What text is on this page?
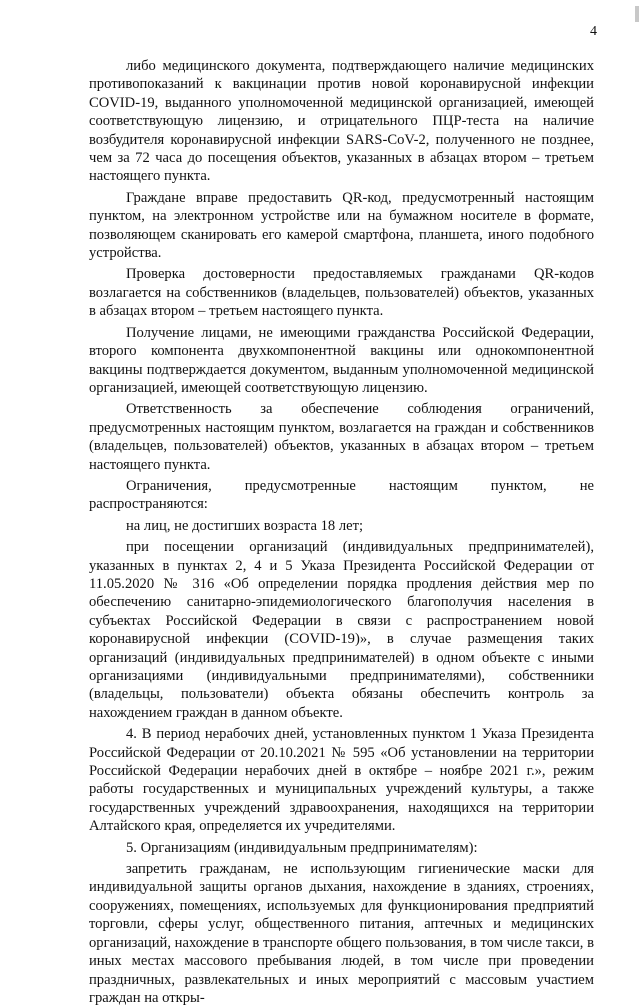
4

либо медицинского документа, подтверждающего наличие медицинских противопоказаний к вакцинации против новой коронавирусной инфекции COVID-19, выданного уполномоченной медицинской организацией, имеющей соответствующую лицензию, и отрицательного ПЦР-теста на наличие возбудителя коронавирусной инфекции SARS-CoV-2, полученного не позднее, чем за 72 часа до посещения объектов, указанных в абзацах втором – третьем настоящего пункта.

Граждане вправе предоставить QR-код, предусмотренный настоящим пунктом, на электронном устройстве или на бумажном носителе в формате, позволяющем сканировать его камерой смартфона, планшета, иного подобного устройства.

Проверка достоверности предоставляемых гражданами QR-кодов возлагается на собственников (владельцев, пользователей) объектов, указанных в абзацах втором – третьем настоящего пункта.

Получение лицами, не имеющими гражданства Российской Федерации, второго компонента двухкомпонентной вакцины или однокомпонентной вакцины подтверждается документом, выданным уполномоченной медицинской организацией, имеющей соответствующую лицензию.

Ответственность за обеспечение соблюдения ограничений, предусмотренных настоящим пунктом, возлагается на граждан и собственников (владельцев, пользователей) объектов, указанных в абзацах втором – третьем настоящего пункта.

Ограничения, предусмотренные настоящим пунктом, не распространяются:

на лиц, не достигших возраста 18 лет;

при посещении организаций (индивидуальных предпринимателей), указанных в пунктах 2, 4 и 5 Указа Президента Российской Федерации от 11.05.2020 № 316 «Об определении порядка продления действия мер по обеспечению санитарно-эпидемиологического благополучия населения в субъектах Российской Федерации в связи с распространением новой коронавирусной инфекции (COVID-19)», в случае размещения таких организаций (индивидуальных предпринимателей) в одном объекте с иными организациями (индивидуальными предпринимателями), собственники (владельцы, пользователи) объекта обязаны обеспечить контроль за нахождением граждан в данном объекте.

4. В период нерабочих дней, установленных пунктом 1 Указа Президента Российской Федерации от 20.10.2021 № 595 «Об установлении на территории Российской Федерации нерабочих дней в октябре – ноябре 2021 г.», режим работы государственных и муниципальных учреждений культуры, а также государственных учреждений здравоохранения, находящихся на территории Алтайского края, определяется их учредителями.

5. Организациям (индивидуальным предпринимателям):

запретить гражданам, не использующим гигиенические маски для индивидуальной защиты органов дыхания, нахождение в зданиях, строениях, сооружениях, помещениях, используемых для функционирования предприятий торговли, сферы услуг, общественного питания, аптечных и медицинских организаций, нахождение в транспорте общего пользования, в том числе такси, в иных местах массового пребывания людей, в том числе при проведении праздничных, развлекательных и иных мероприятий с массовым участием граждан на откры-
